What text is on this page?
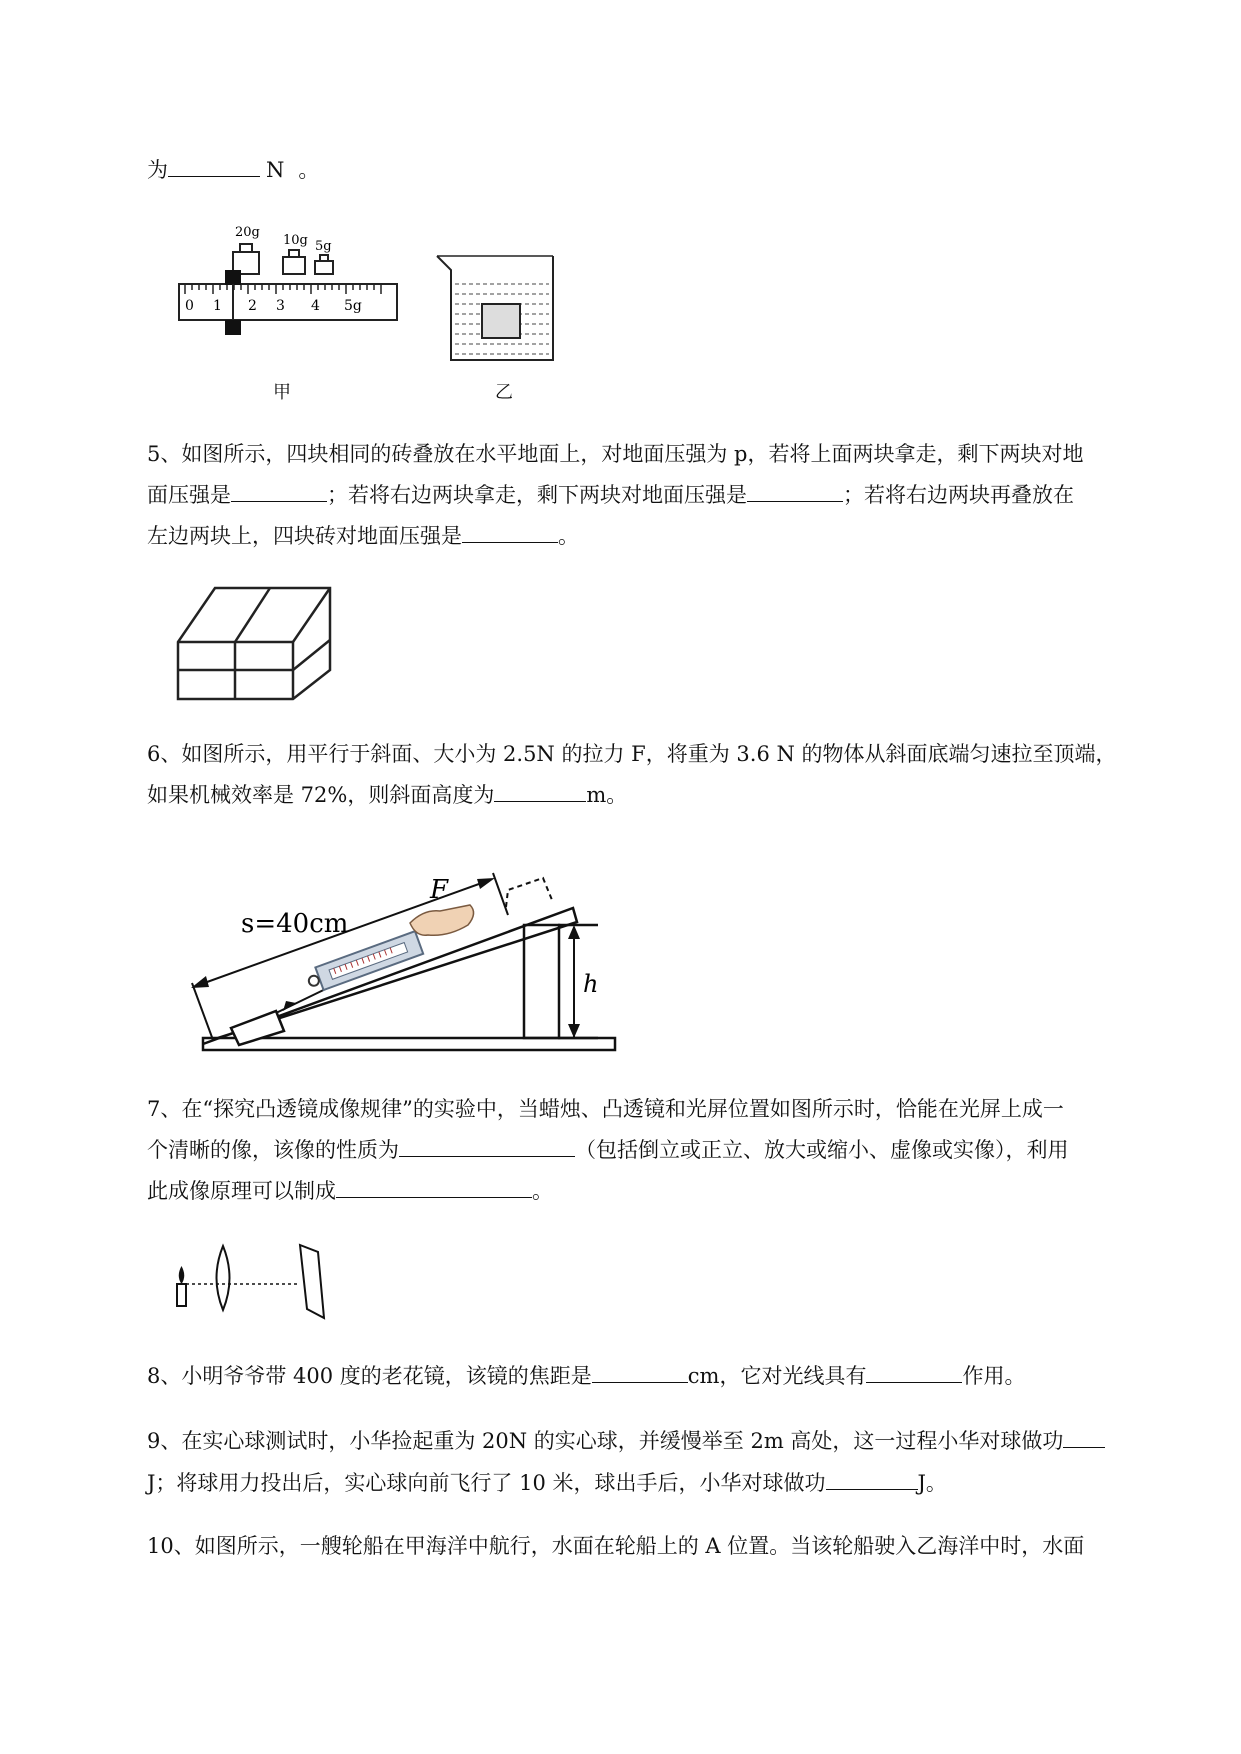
为	N 。
20g
10g 5g
0 1 2 3 4 5g
甲	乙
5、如图所示，四块相同的砖叠放在水平地面上，对地面压强为 p，若将上面两块拿走，剩下两块对地
面压强是	；若将右边两块拿走，剩下两块对地面压强是	；若将右边两块再叠放在
左边两块上，四块砖对地面压强是	。
6、如图所示，用平行于斜面、大小为 2.5N 的拉力 F，将重为 3.6 N 的物体从斜面底端匀速拉至顶端，
如果机械效率是 72%，则斜面高度为	m。
h
s=40cm
F
7、在“探究凸透镜成像规律”的实验中，当蜡烛、凸透镜和光屏位置如图所示时，恰能在光屏上成一
个清晰的像，该像的性质为	（包括倒立或正立、放大或缩小、虚像或实像），利用
此成像原理可以制成	。
8、小明爷爷带 400 度的老花镜，该镜的焦距是	cm，它对光线具有	作用。
9、在实心球测试时，小华捡起重为 20N 的实心球，并缓慢举至 2m 高处，这一过程小华对球做功
J；将球用力投出后，实心球向前飞行了 10 米，球出手后，小华对球做功	J。
10、如图所示，一艘轮船在甲海洋中航行，水面在轮船上的 A 位置。当该轮船驶入乙海洋中时，水面
